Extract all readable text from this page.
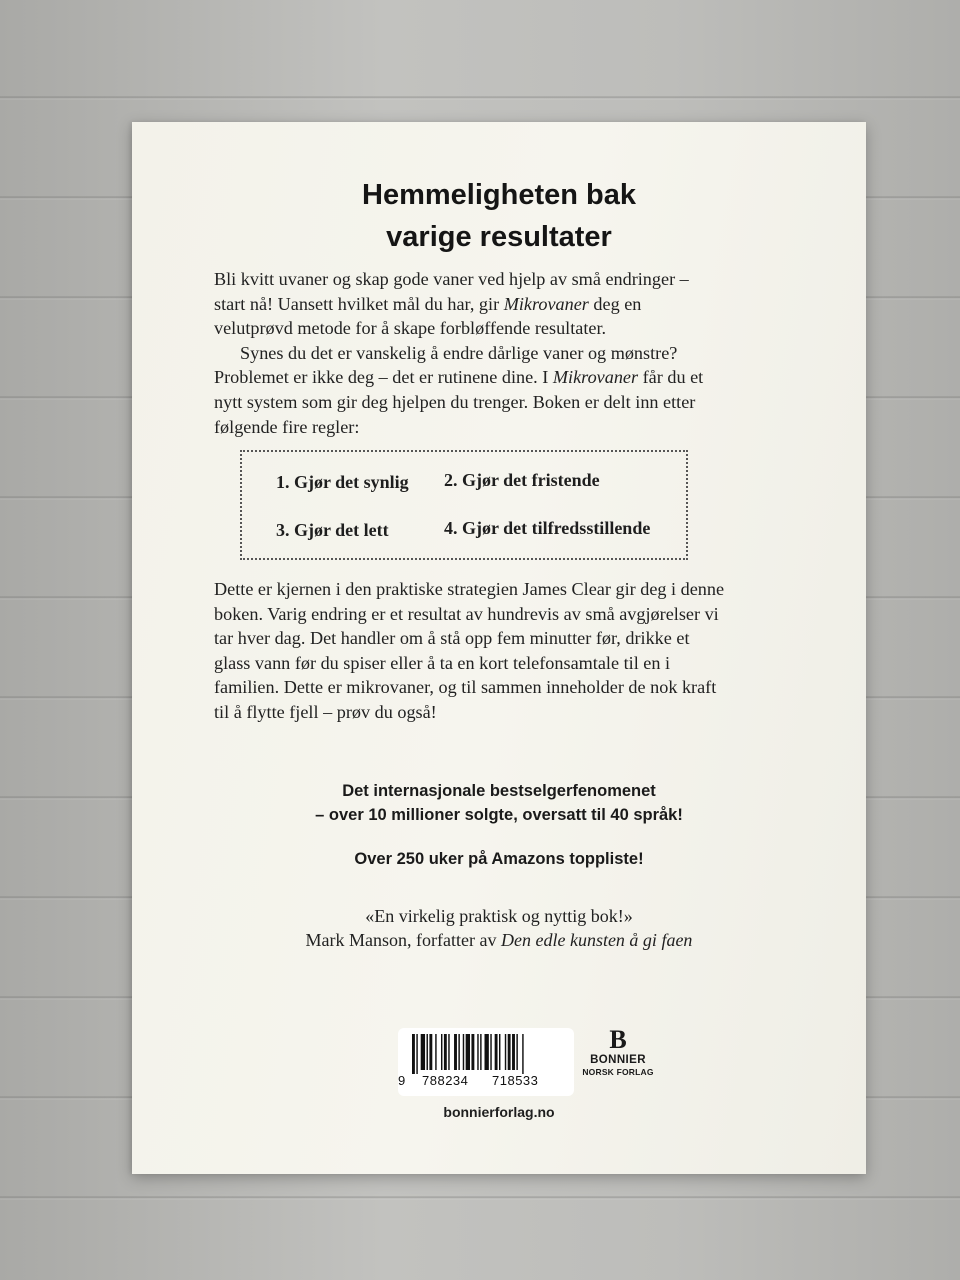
Hemmeligheten bak
varige resultater

Bli kvitt uvaner og skap gode vaner ved hjelp av små endringer – start nå! Uansett hvilket mål du har, gir Mikrovaner deg en velutprøvd metode for å skape forbløffende resultater.

Synes du det er vanskelig å endre dårlige vaner og mønstre? Problemet er ikke deg – det er rutinene dine. I Mikrovaner får du et nytt system som gir deg hjelpen du trenger. Boken er delt inn etter følgende fire regler:

1. Gjør det synlig 2. Gjør det fristende
3. Gjør det lett	4. Gjør det tilfredsstillende

Dette er kjernen i den praktiske strategien James Clear gir deg i denne boken. Varig endring er et resultat av hundrevis av små avgjørelser vi tar hver dag. Det handler om å stå opp fem minutter før, drikke et glass vann før du spiser eller å ta en kort telefonsamtale til en i familien. Dette er mikrovaner, og til sammen inneholder de nok kraft til å flytte fjell – prøv du også!

Det internasjonale bestselgerfenomenet
– over 10 millioner solgte, oversatt til 40 språk!
Over 250 uker på Amazons toppliste!
«En virkelig praktisk og nyttig bok!»
Mark Manson, forfatter av Den edle kunsten å gi faen
9 788234 718533
B
BONNIER
NORSK FORLAG
bonnierforlag.no
